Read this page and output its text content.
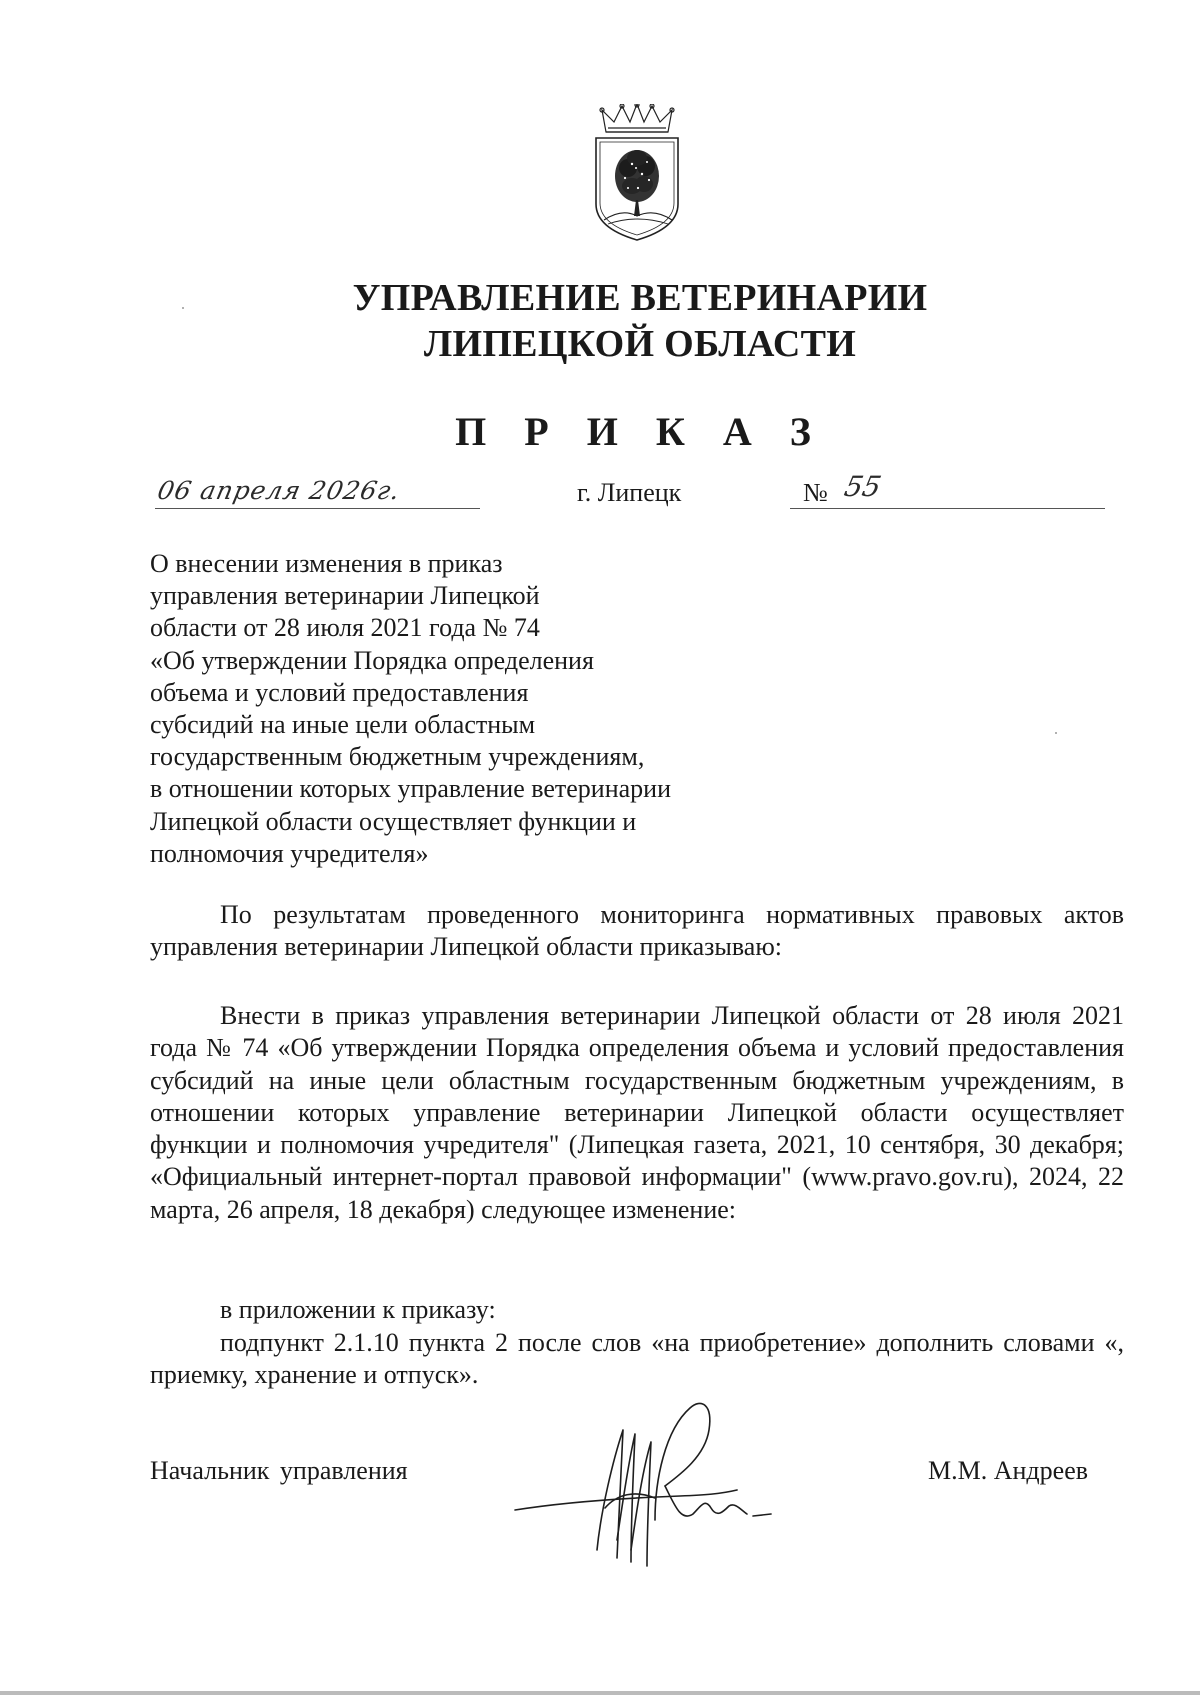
УПРАВЛЕНИЕ ВЕТЕРИНАРИИ
ЛИПЕЦКОЙ ОБЛАСТИ
П Р И К А З
06 апреля 2026г.	г. Липецк	№ 55

О внесении изменения в приказ
управления ветеринарии Липецкой
области от 28 июля 2021 года № 74
«Об утверждении Порядка определения
объема и условий предоставления
субсидий на иные цели областным
государственным бюджетным учреждениям,
в отношении которых управление ветеринарии
Липецкой области осуществляет функции и
полномочия учредителя»

По результатам проведенного мониторинга нормативных правовых актов управления ветеринарии Липецкой области приказываю:

Внести в приказ управления ветеринарии Липецкой области от 28 июля 2021 года № 74 «Об утверждении Порядка определения объема и условий предоставления субсидий на иные цели областным государственным бюджетным учреждениям, в отношении которых управление ветеринарии Липецкой области осуществляет функции и полномочия учредителя" (Липецкая газета, 2021, 10 сентября, 30 декабря; «Официальный интернет-портал правовой информации" (www.pravo.gov.ru), 2024, 22 марта, 26 апреля, 18 декабря) следующее изменение:

в приложении к приказу:

подпункт 2.1.10 пункта 2 после слов «на приобретение» дополнить словами «, приемку, хранение и отпуск».

Начальник управления	М.М. Андреев
